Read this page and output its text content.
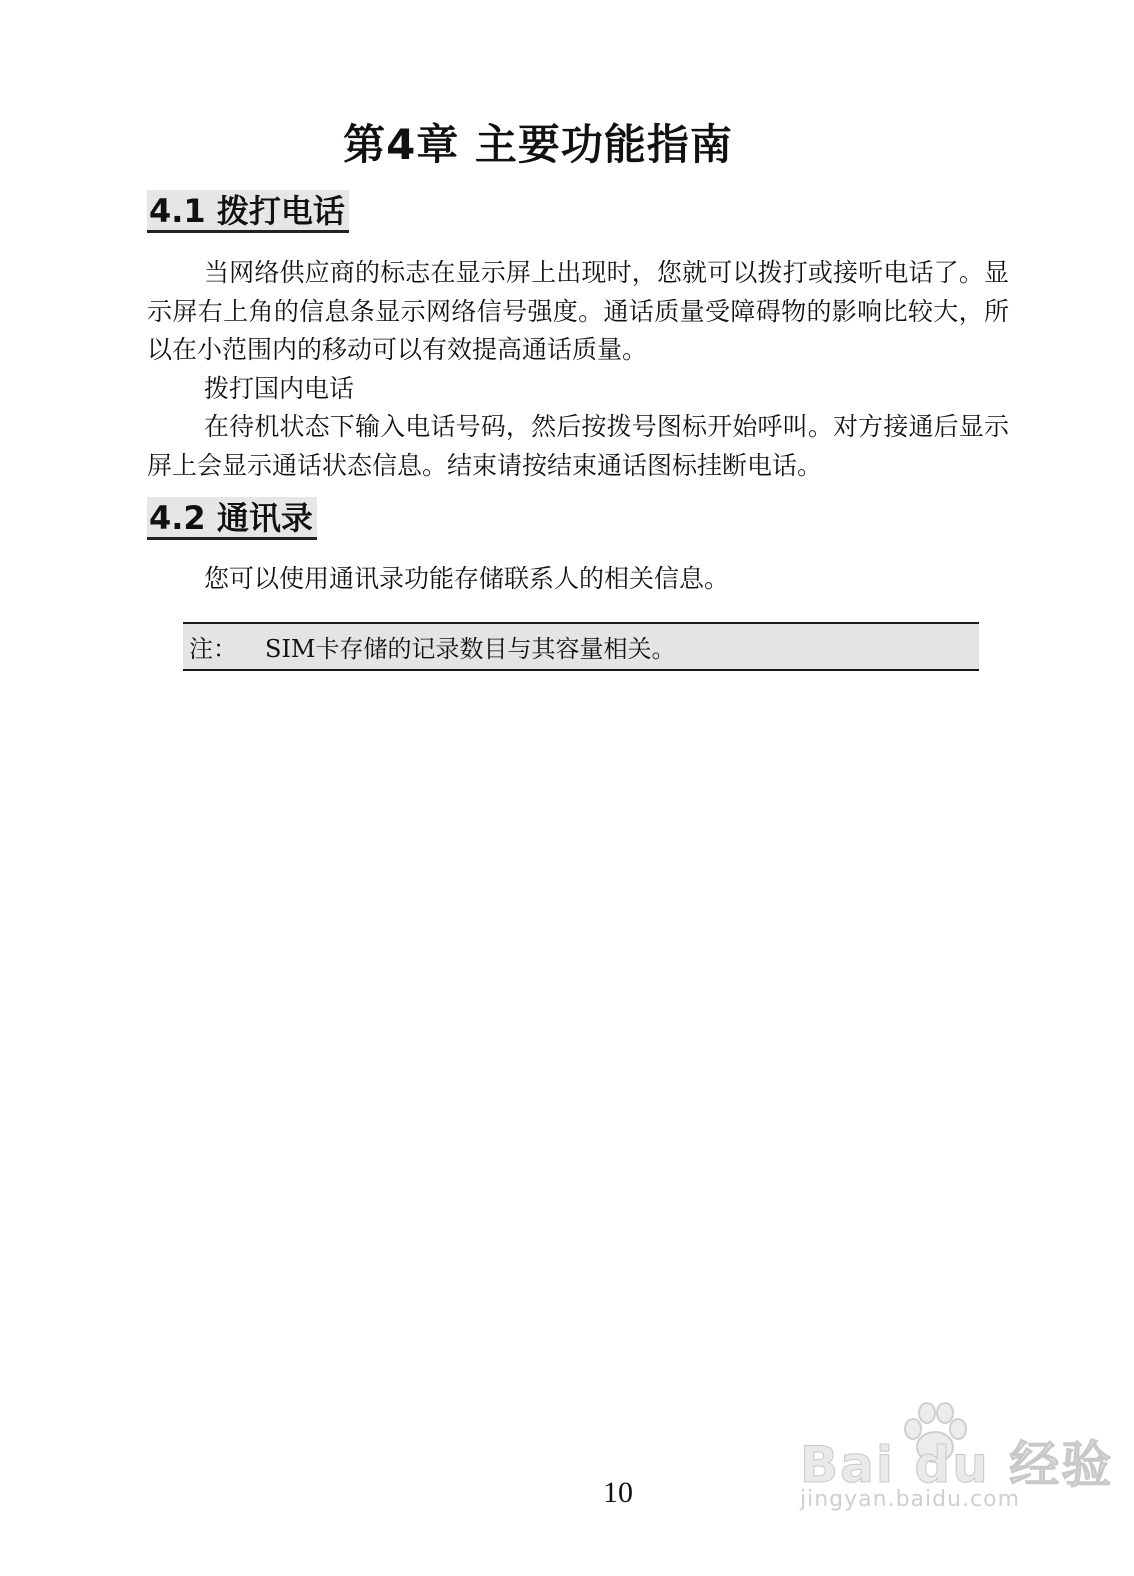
第4章 主要功能指南
4.1 拨打电话

当网络供应商的标志在显示屏上出现时，您就可以拨打或接听电话了。显示屏右上角的信息条显示网络信号强度。通话质量受障碍物的影响比较大，所以在小范围内的移动可以有效提高通话质量。

拨打国内电话

在待机状态下输入电话号码，然后按拨号图标开始呼叫。对方接通后显示屏上会显示通话状态信息。结束请按结束通话图标挂断电话。

4.2 通讯录

您可以使用通讯录功能存储联系人的相关信息。

注： SIM卡存储的记录数目与其容量相关。
10	Bai du 经验
jingyan.baidu.com
